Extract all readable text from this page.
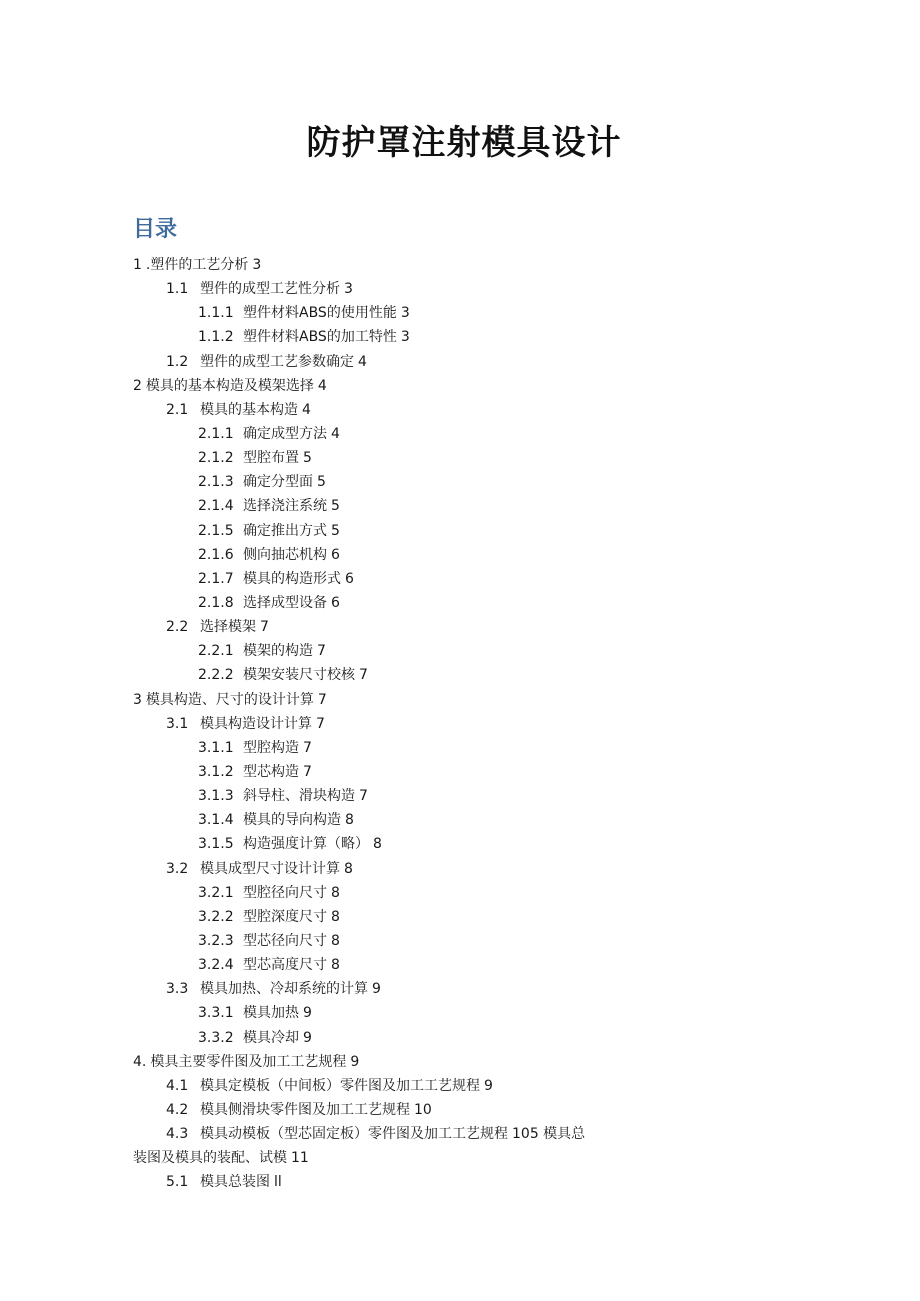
防护罩注射模具设计
目录
1 .塑件的工艺分析 3
1.1 塑件的成型工艺性分析 3
1.1.1 塑件材料ABS的使用性能 3
1.1.2 塑件材料ABS的加工特性 3
1.2 塑件的成型工艺参数确定 4
2 模具的基本构造及模架选择 4
2.1 模具的基本构造 4
2.1.1 确定成型方法 4
2.1.2 型腔布置 5
2.1.3 确定分型面 5
2.1.4 选择浇注系统 5
2.1.5 确定推出方式 5
2.1.6 侧向抽芯机构 6
2.1.7 模具的构造形式 6
2.1.8 选择成型设备 6
2.2 选择模架 7
2.2.1 模架的构造 7
2.2.2 模架安装尺寸校核 7
3 模具构造、尺寸的设计计算 7
3.1 模具构造设计计算 7
3.1.1 型腔构造 7
3.1.2 型芯构造 7
3.1.3 斜导柱、滑块构造 7
3.1.4 模具的导向构造 8
3.1.5 构造强度计算（略） 8
3.2 模具成型尺寸设计计算 8
3.2.1 型腔径向尺寸 8
3.2.2 型腔深度尺寸 8
3.2.3 型芯径向尺寸 8
3.2.4 型芯高度尺寸 8
3.3 模具加热、冷却系统的计算 9
3.3.1 模具加热 9
3.3.2 模具冷却 9
4. 模具主要零件图及加工工艺规程 9
4.1 模具定模板（中间板）零件图及加工工艺规程 9
4.2 模具侧滑块零件图及加工工艺规程 10
4.3 模具动模板（型芯固定板）零件图及加工工艺规程 105 模具总
装图及模具的装配、试模 11
5.1 模具总装图 ll
